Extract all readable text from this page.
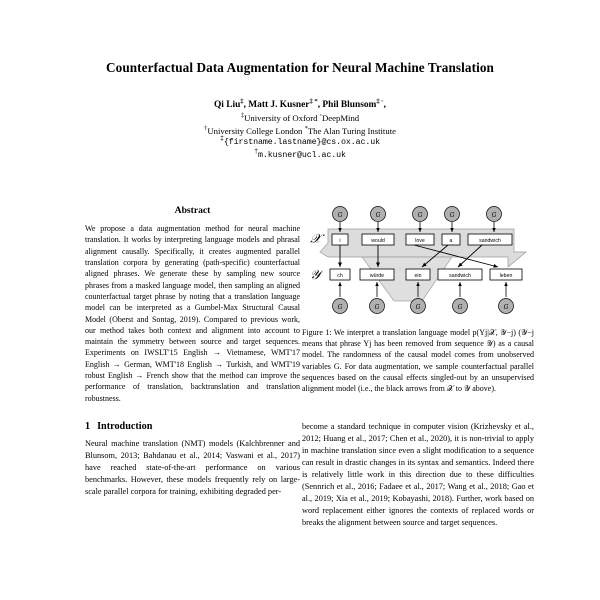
Counterfactual Data Augmentation for Neural Machine Translation
Qi Liu‡, Matt J. Kusner‡ *, Phil Blunsom‡ ◦,
‡University of Oxford ◦DeepMind
†University College London *The Alan Turing Institute
‡{firstname.lastname}@cs.ox.ac.uk
†m.kusner@ucl.ac.uk
Abstract

We propose a data augmentation method for neural machine translation. It works by interpreting language models and phrasal alignment causally. Specifically, it creates augmented parallel translation corpora by generating (path-specific) counterfactual aligned phrases. We generate these by sampling new source phrases from a masked language model, then sampling an aligned counterfactual target phrase by noting that a translation language model can be interpreted as a Gumbel-Max Structural Causal Model (Oberst and Sontag, 2019). Compared to previous work, our method takes both context and alignment into account to maintain the symmetry between source and target sequences. Experiments on IWSLT'15 English → Vietnamese, WMT'17 English → German, WMT'18 English → Turkish, and WMT'19 robust English → French show that the method can improve the performance of translation, backtranslation and translation robustness.

1 Introduction

Neural machine translation (NMT) models (Kalchbrenner and Blunsom, 2013; Bahdanau et al., 2014; Vaswani et al., 2017) have reached state-of-the-art performance on various benchmarks. However, these models frequently rely on large-scale parallel corpora for training, exhibiting degraded per-

𝒳
𝒴
G	G	G	G	G
i	would	love	a	sandwich
ch	würde	ein	sandwich	leben
G	G	G	G	G

Figure 1: We interpret a translation language model p(Yj|𝒳, 𝒴−j) (𝒴−j means that phrase Yj has been removed from sequence 𝒴) as a causal model. The randomness of the causal model comes from unobserved variables G. For data augmentation, we sample counterfactual parallel sequences based on the causal effects singled-out by an unsupervised alignment model (i.e., the black arrows from 𝒳 to 𝒴 above).

become a standard technique in computer vision (Krizhevsky et al., 2012; Huang et al., 2017; Chen et al., 2020), it is non-trivial to apply in machine translation since even a slight modification to a sequence can result in drastic changes in its syntax and semantics. Indeed there is relatively little work in this direction due to these difficulties (Sennrich et al., 2016; Fadaee et al., 2017; Wang et al., 2018; Gao et al., 2019; Xia et al., 2019; Kobayashi, 2018). Further, work based on word replacement either ignores the contexts of replaced words or breaks the alignment between source and target sequences.
